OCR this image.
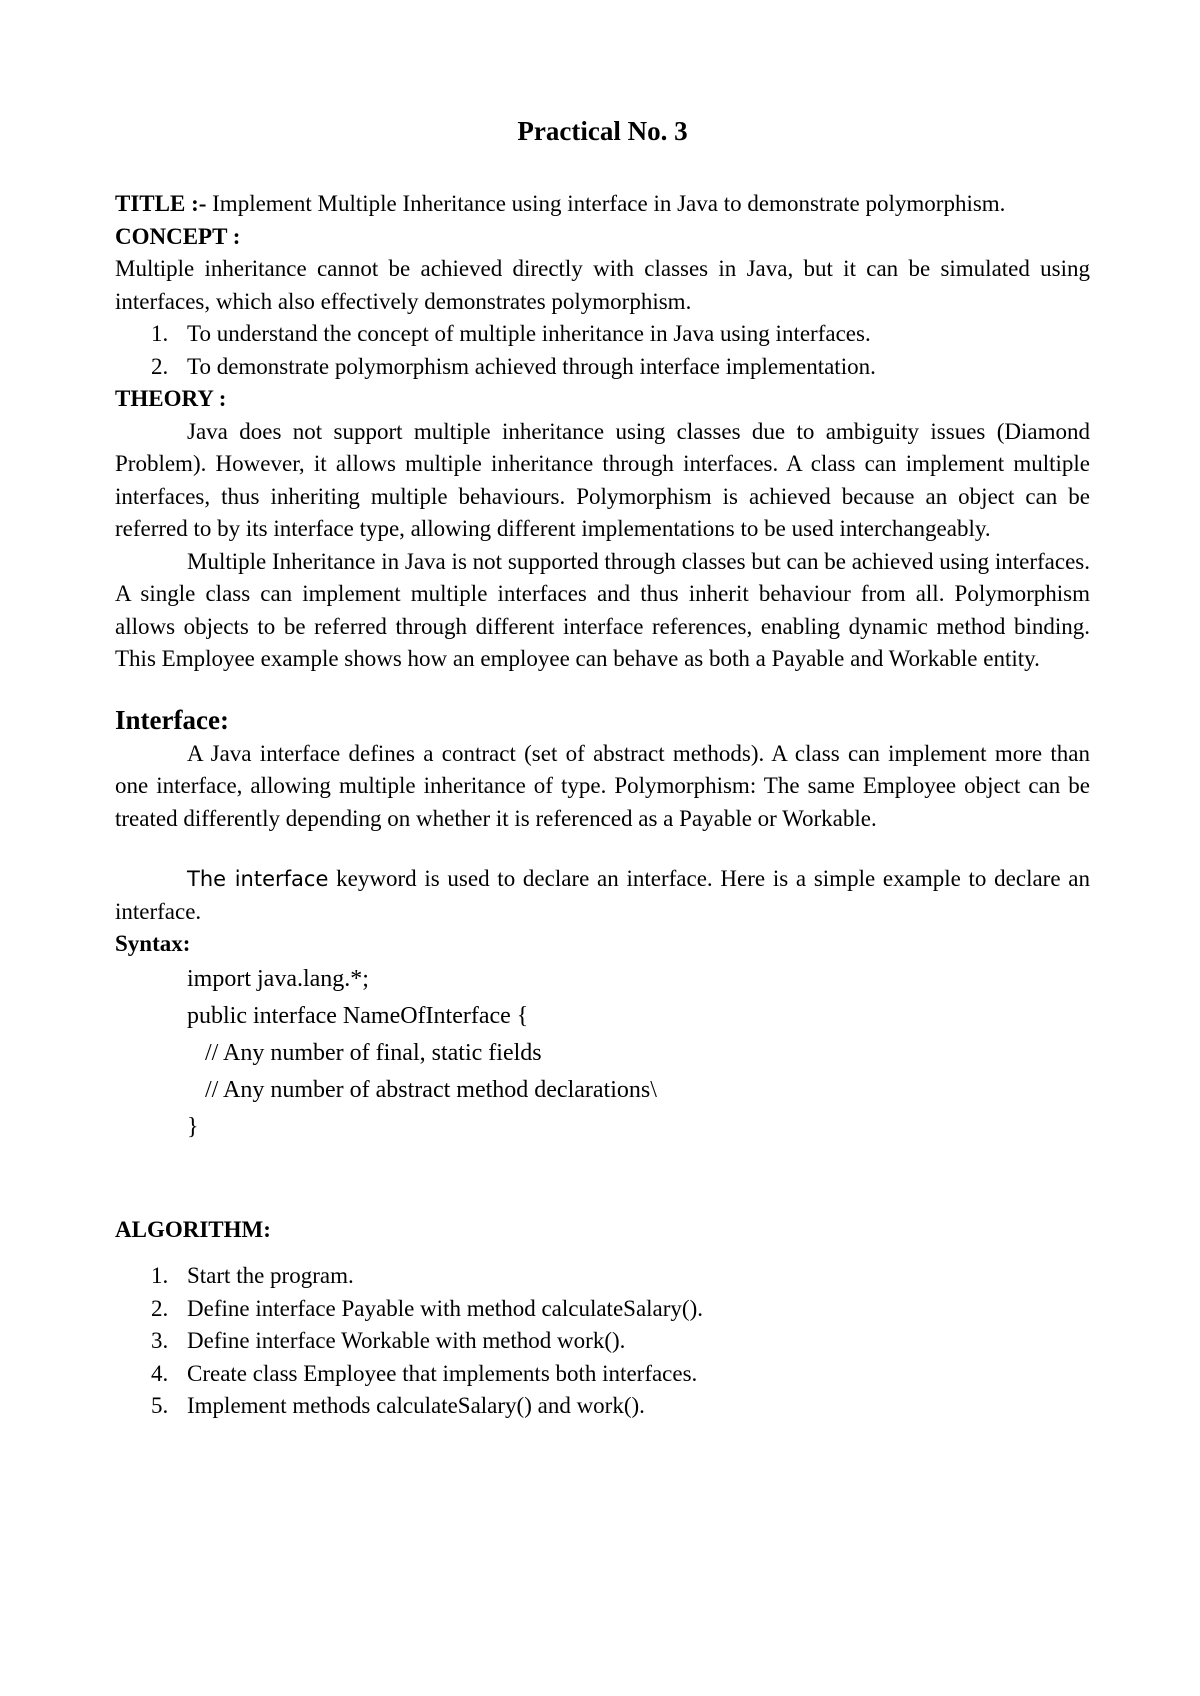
Practical No. 3

TITLE :- Implement Multiple Inheritance using interface in Java to demonstrate polymorphism.

CONCEPT :

Multiple inheritance cannot be achieved directly with classes in Java, but it can be simulated using interfaces, which also effectively demonstrates polymorphism.

1. To understand the concept of multiple inheritance in Java using interfaces.
2. To demonstrate polymorphism achieved through interface implementation.

THEORY :

Java does not support multiple inheritance using classes due to ambiguity issues (Diamond Problem). However, it allows multiple inheritance through interfaces. A class can implement multiple interfaces, thus inheriting multiple behaviours. Polymorphism is achieved because an object can be referred to by its interface type, allowing different implementations to be used interchangeably.

Multiple Inheritance in Java is not supported through classes but can be achieved using interfaces. A single class can implement multiple interfaces and thus inherit behaviour from all. Polymorphism allows objects to be referred through different interface references, enabling dynamic method binding. This Employee example shows how an employee can behave as both a Payable and Workable entity.

Interface:

A Java interface defines a contract (set of abstract methods). A class can implement more than one interface, allowing multiple inheritance of type. Polymorphism: The same Employee object can be treated differently depending on whether it is referenced as a Payable or Workable.

The interface keyword is used to declare an interface. Here is a simple example to declare an interface.

Syntax:

import java.lang.*;
public interface NameOfInterface {
// Any number of final, static fields
// Any number of abstract method declarations\
}

ALGORITHM:

1. Start the program.
2. Define interface Payable with method calculateSalary().
3. Define interface Workable with method work().
4. Create class Employee that implements both interfaces.
5. Implement methods calculateSalary() and work().
